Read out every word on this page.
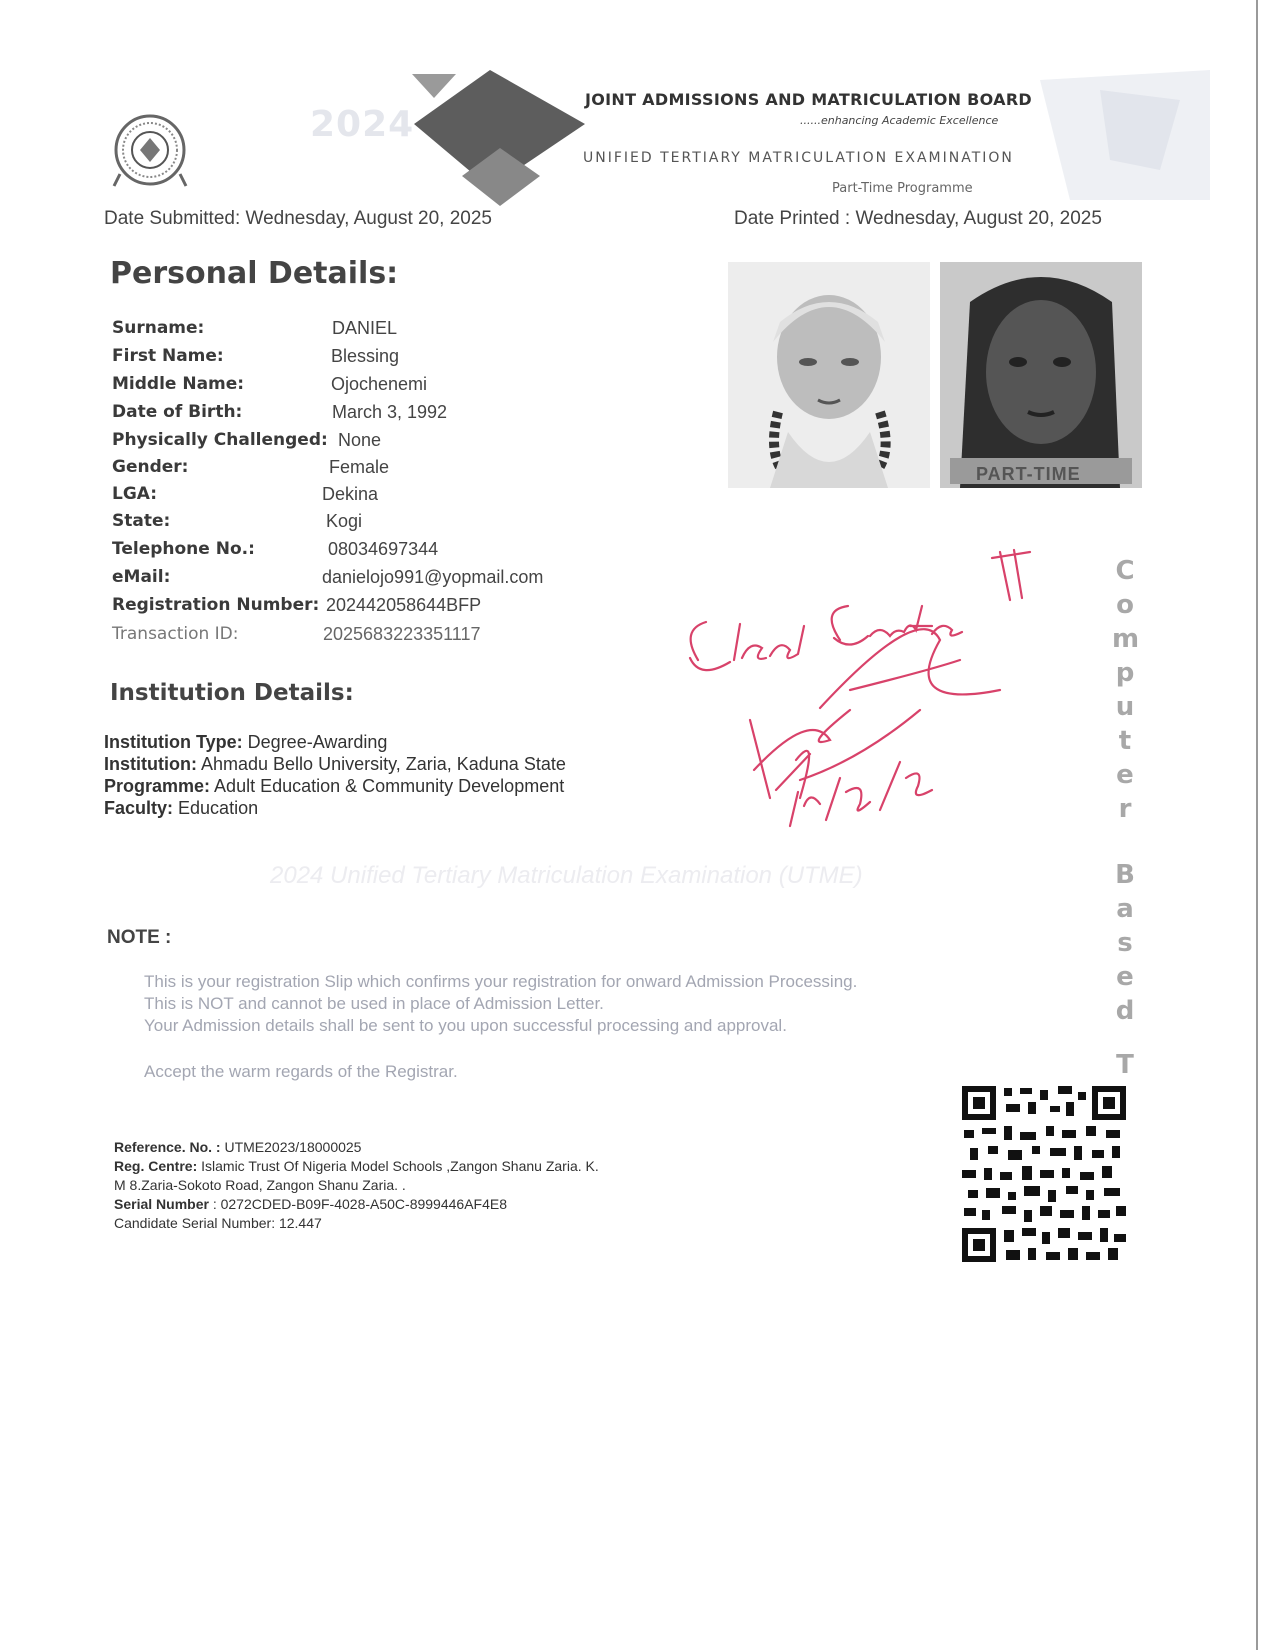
2024
JOINT ADMISSIONS AND MATRICULATION BOARD
......enhancing Academic Excellence
UNIFIED TERTIARY MATRICULATION EXAMINATION
Part-Time Programme
Date Submitted: Wednesday, August 20, 2025	Date Printed : Wednesday, August 20, 2025
Personal Details:
Surname:	DANIEL
First Name:	Blessing
Middle Name:	Ojochenemi
Date of Birth:	March 3, 1992
Physically Challenged: None
Gender:	Female
LGA:	Dekina
State:	Kogi
Telephone No.:	08034697344
eMail:	danielojo991@yopmail.com
Registration Number: 202442058644BFP
Transaction ID:	2025683223351117
PART-TIME
Institution Details:
Institution Type: Degree-Awarding
Institution: Ahmadu Bello University, Zaria, Kaduna State
Programme: Adult Education & Community Development
Faculty: Education
C
o
m
p
u
t
e
r
B
a
s
e
d
T
2024 Unified Tertiary Matriculation Examination (UTME)
NOTE :
This is your registration Slip which confirms your registration for onward Admission Processing.
This is NOT and cannot be used in place of Admission Letter.
Your Admission details shall be sent to you upon successful processing and approval.
Accept the warm regards of the Registrar.
Reference. No. : UTME2023/18000025
Reg. Centre: Islamic Trust Of Nigeria Model Schools ,Zangon Shanu Zaria. K.
M 8.Zaria-Sokoto Road, Zangon Shanu Zaria. .
Serial Number : 0272CDED-B09F-4028-A50C-8999446AF4E8
Candidate Serial Number: 12.447
